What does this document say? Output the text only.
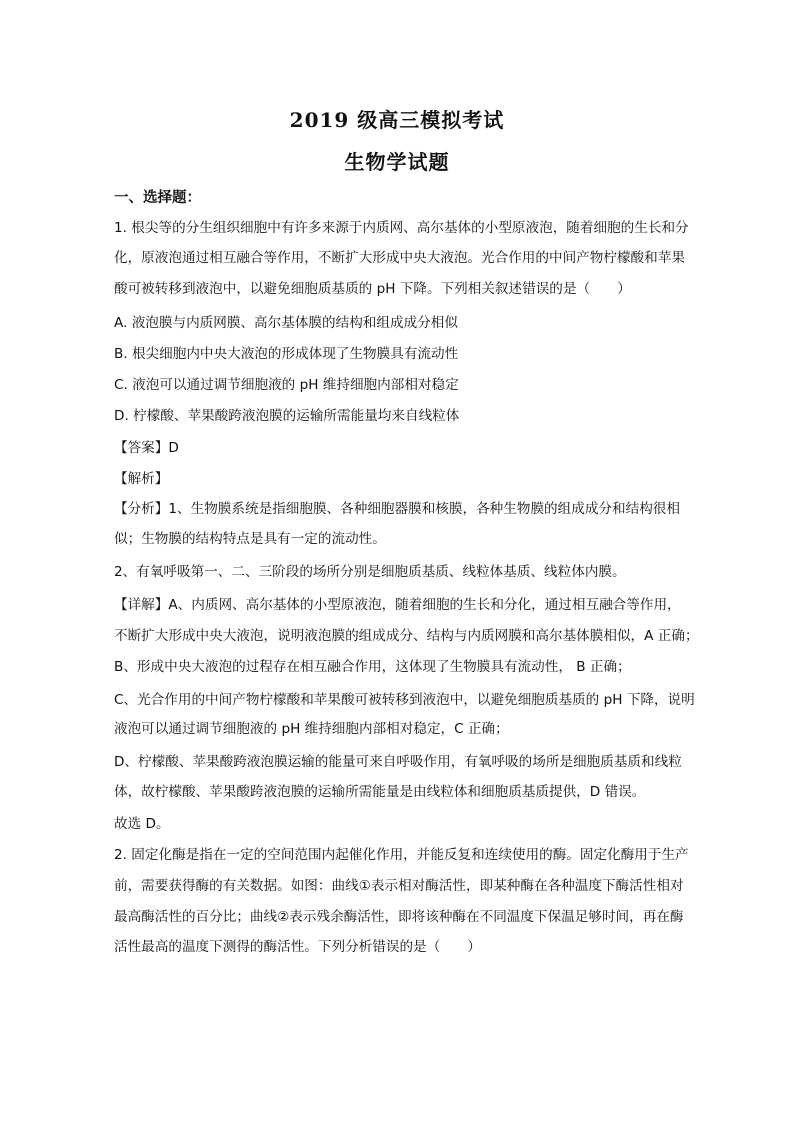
2019 级高三模拟考试
生物学试题
一、选择题：
1. 根尖等的分生组织细胞中有许多来源于内质网、高尔基体的小型原液泡，随着细胞的生长和分
化，原液泡通过相互融合等作用，不断扩大形成中央大液泡。光合作用的中间产物柠檬酸和苹果
酸可被转移到液泡中，以避免细胞质基质的 pH 下降。下列相关叙述错误的是（　　）
A. 液泡膜与内质网膜、高尔基体膜的结构和组成成分相似
B. 根尖细胞内中央大液泡的形成体现了生物膜具有流动性
C. 液泡可以通过调节细胞液的 pH 维持细胞内部相对稳定
D. 柠檬酸、苹果酸跨液泡膜的运输所需能量均来自线粒体
【答案】D
【解析】
【分析】1、生物膜系统是指细胞膜、各种细胞器膜和核膜，各种生物膜的组成成分和结构很相
似；生物膜的结构特点是具有一定的流动性。
2、有氧呼吸第一、二、三阶段的场所分别是细胞质基质、线粒体基质、线粒体内膜。
【详解】A、内质网、高尔基体的小型原液泡，随着细胞的生长和分化，通过相互融合等作用，
不断扩大形成中央大液泡，说明液泡膜的组成成分、结构与内质网膜和高尔基体膜相似，A 正确；
B、形成中央大液泡的过程存在相互融合作用，这体现了生物膜具有流动性， B 正确；
C、光合作用的中间产物柠檬酸和苹果酸可被转移到液泡中，以避免细胞质基质的 pH 下降，说明
液泡可以通过调节细胞液的 pH 维持细胞内部相对稳定，C 正确；
D、柠檬酸、苹果酸跨液泡膜运输的能量可来自呼吸作用，有氧呼吸的场所是细胞质基质和线粒
体，故柠檬酸、苹果酸跨液泡膜的运输所需能量是由线粒体和细胞质基质提供，D 错误。
故选 D。
2. 固定化酶是指在一定的空间范围内起催化作用，并能反复和连续使用的酶。固定化酶用于生产
前，需要获得酶的有关数据。如图：曲线①表示相对酶活性，即某种酶在各种温度下酶活性相对
最高酶活性的百分比；曲线②表示残余酶活性，即将该种酶在不同温度下保温足够时间，再在酶
活性最高的温度下测得的酶活性。下列分析错误的是（　　）
